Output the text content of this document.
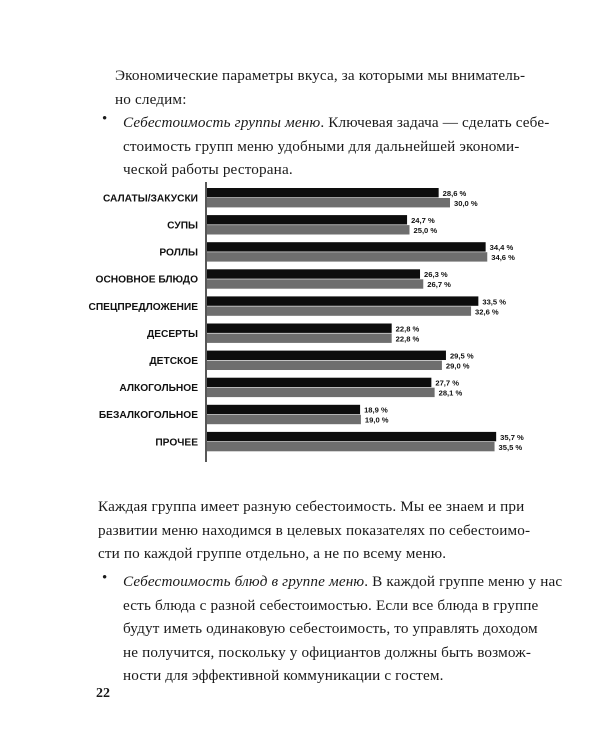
Экономические параметры вкуса, за которыми мы вниматель-
но следим:

• Себестоимость группы меню. Ключевая задача — сделать себе-
стоимость групп меню удобными для дальнейшей экономи-
ческой работы ресторана.

САЛАТЫ/ЗАКУСКИ	28,6 %
30,0 %
СУПЫ	24,7 %
25,0 %
РОЛЛЫ	34,4 %
34,6 %
ОСНОВНОЕ БЛЮДО	26,3 %
26,7 %
СПЕЦПРЕДЛОЖЕНИЕ	33,5 %
32,6 %
ДЕСЕРТЫ	22,8 %
22,8 %
ДЕТСКОЕ	29,5 %
29,0 %
АЛКОГОЛЬНОЕ	27,7 %
28,1 %
БЕЗАЛКОГОЛЬНОЕ	18,9 %
19,0 %
ПРОЧЕЕ	35,7 %
35,5 %

Каждая группа имеет разную себестоимость. Мы ее знаем и при
развитии меню находимся в целевых показателях по себестоимо-
сти по каждой группе отдельно, а не по всему меню.

• Себестоимость блюд в группе меню. В каждой группе меню у нас
есть блюда с разной себестоимостью. Если все блюда в группе
будут иметь одинаковую себестоимость, то управлять доходом
не получится, поскольку у официантов должны быть возмож-
ности для эффективной коммуникации с гостем.

22
